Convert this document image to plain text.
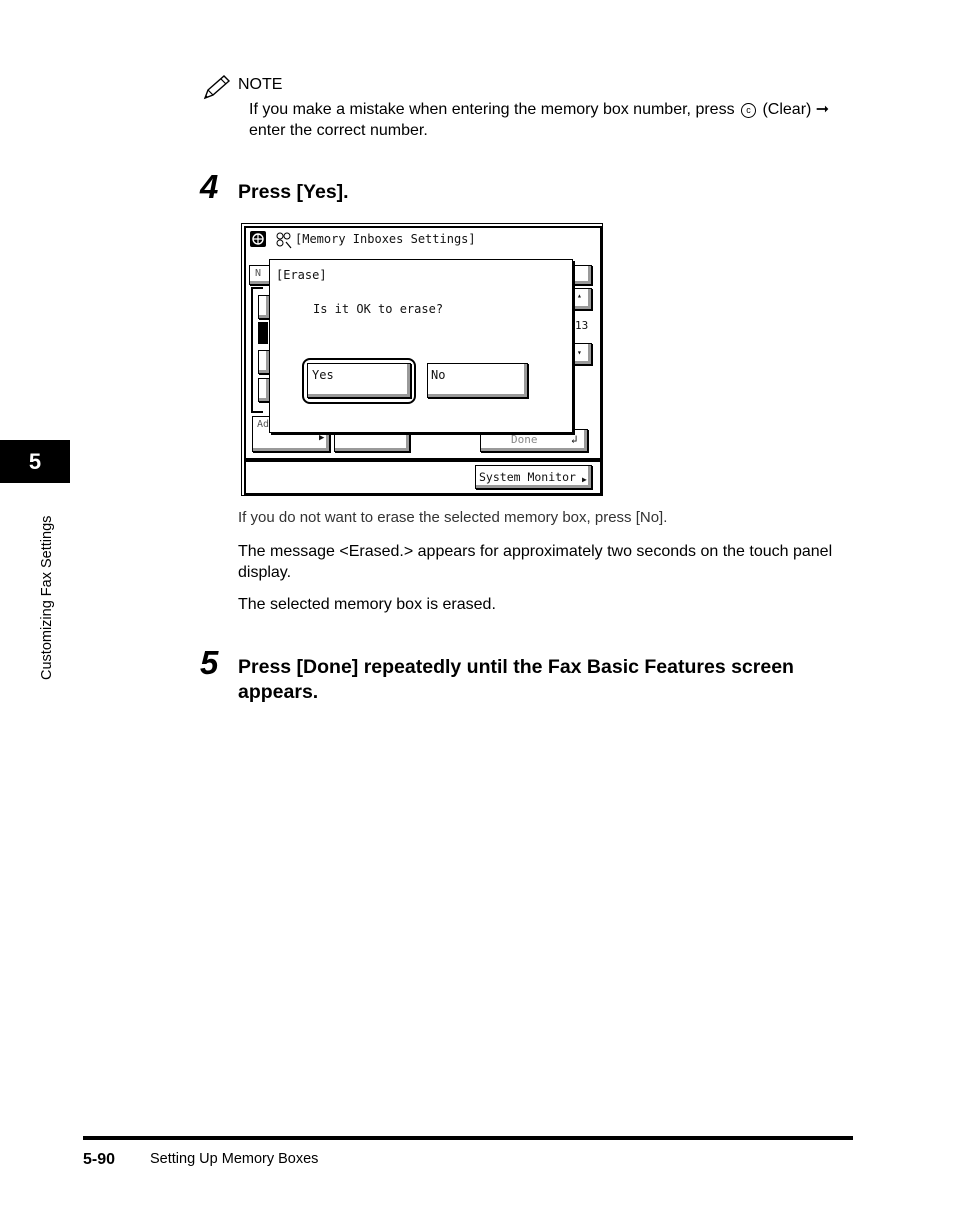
NOTE
If you make a mistake when entering the memory box number, press c (Clear) ➞ enter the correct number.
4 Press [Yes].
[Memory Inboxes Settings]
N
Ad
▶
▴
13
▾
Done	↲
System Monitor ▶
[Erase]
Is it OK to erase?
Yes	No
If you do not want to erase the selected memory box, press [No].
The message <Erased.> appears for approximately two seconds on the touch panel display.
The selected memory box is erased.
5 Press [Done] repeatedly until the Fax Basic Features screen appears.
5
Customizing Fax Settings
5-90 Setting Up Memory Boxes
